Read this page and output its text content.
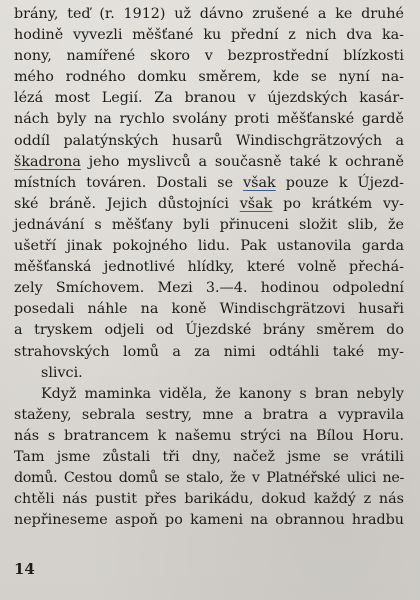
brány, teď (r. 1912) už dávno zrušené a ke druhé
hodině vyvezli měšťané ku přední z nich dva ka-
nony, namířené skoro v bezprostřední blízkosti
mého rodného domku směrem, kde se nyní na-
lézá most Legií. Za branou v újezdských kasár-
nách byly na rychlo svolány proti měšťanské gardě
oddíl palatýnských husarů Windischgrätzových a
škadrona jeho myslivců a současně také k ochraně
místních továren. Dostali se však pouze k Újezd-
ské bráně. Jejich důstojníci však po krátkém vy-
jednávání s měšťany byli přinuceni složit slib, že
ušetří jinak pokojného lidu. Pak ustanovila garda
měšťanská jednotlivé hlídky, které volně přechá-
zely Smíchovem. Mezi 3.—4. hodinou odpolední
posedali náhle na koně Windischgrätzovi husaři
a tryskem odjeli od Újezdské brány směrem do
strahovských lomů a za nimi odtáhli také my-
slivci.
Když maminka viděla, že kanony s bran nebyly
staženy, sebrala sestry, mne a bratra a vypravila
nás s bratrancem k našemu strýci na Bílou Horu.
Tam jsme zůstali tři dny, načež jsme se vrátili
domů. Cestou domů se stalo, že v Platnéřské ulici ne-
chtěli nás pustit přes barikádu, dokud každý z nás
nepřineseme aspoň po kameni na obrannou hradbu
14
